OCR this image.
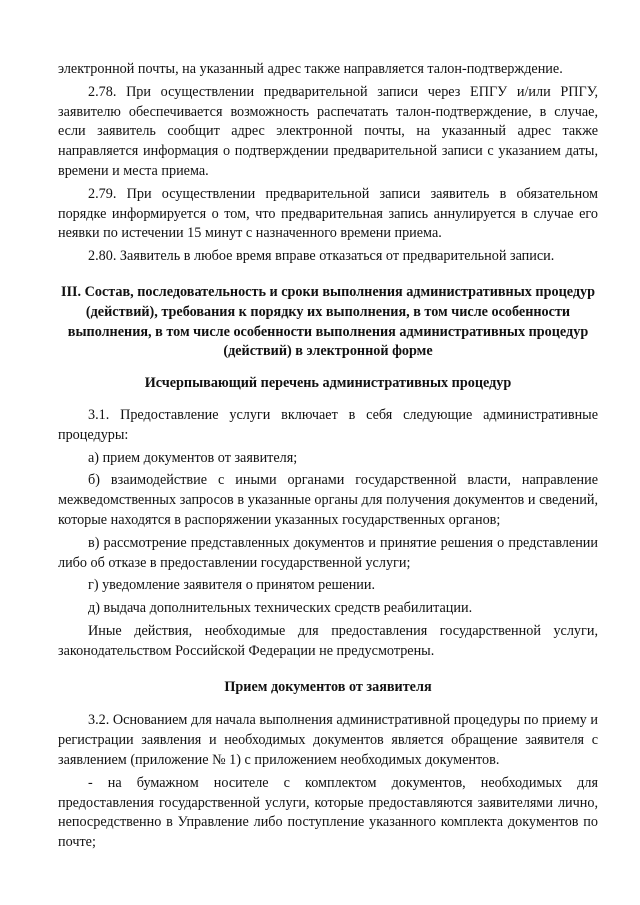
электронной почты, на указанный адрес также направляется талон-подтверждение.

2.78. При осуществлении предварительной записи через ЕПГУ и/или РПГУ, заявителю обеспечивается возможность распечатать талон-подтверждение, в случае, если заявитель сообщит адрес электронной почты, на указанный адрес также направляется информация о подтверждении предварительной записи с указанием даты, времени и места приема.

2.79. При осуществлении предварительной записи заявитель в обязательном порядке информируется о том, что предварительная запись аннулируется в случае его неявки по истечении 15 минут с назначенного времени приема.

2.80. Заявитель в любое время вправе отказаться от предварительной записи.

III. Состав, последовательность и сроки выполнения административных процедур (действий), требования к порядку их выполнения, в том числе особенности выполнения, в том числе особенности выполнения административных процедур (действий) в электронной форме

Исчерпывающий перечень административных процедур

3.1. Предоставление услуги включает в себя следующие административные процедуры:

а) прием документов от заявителя;

б) взаимодействие с иными органами государственной власти, направление межведомственных запросов в указанные органы для получения документов и сведений, которые находятся в распоряжении указанных государственных органов;

в) рассмотрение представленных документов и принятие решения о представлении либо об отказе в предоставлении государственной услуги;

г) уведомление заявителя о принятом решении.

д) выдача дополнительных технических средств реабилитации.

Иные действия, необходимые для предоставления государственной услуги, законодательством Российской Федерации не предусмотрены.

Прием документов от заявителя

3.2. Основанием для начала выполнения административной процедуры по приему и регистрации заявления и необходимых документов является обращение заявителя с заявлением (приложение № 1) с приложением необходимых документов.

- на бумажном носителе с комплектом документов, необходимых для предоставления государственной услуги, которые предоставляются заявителями лично, непосредственно в Управление либо поступление указанного комплекта документов по почте;
